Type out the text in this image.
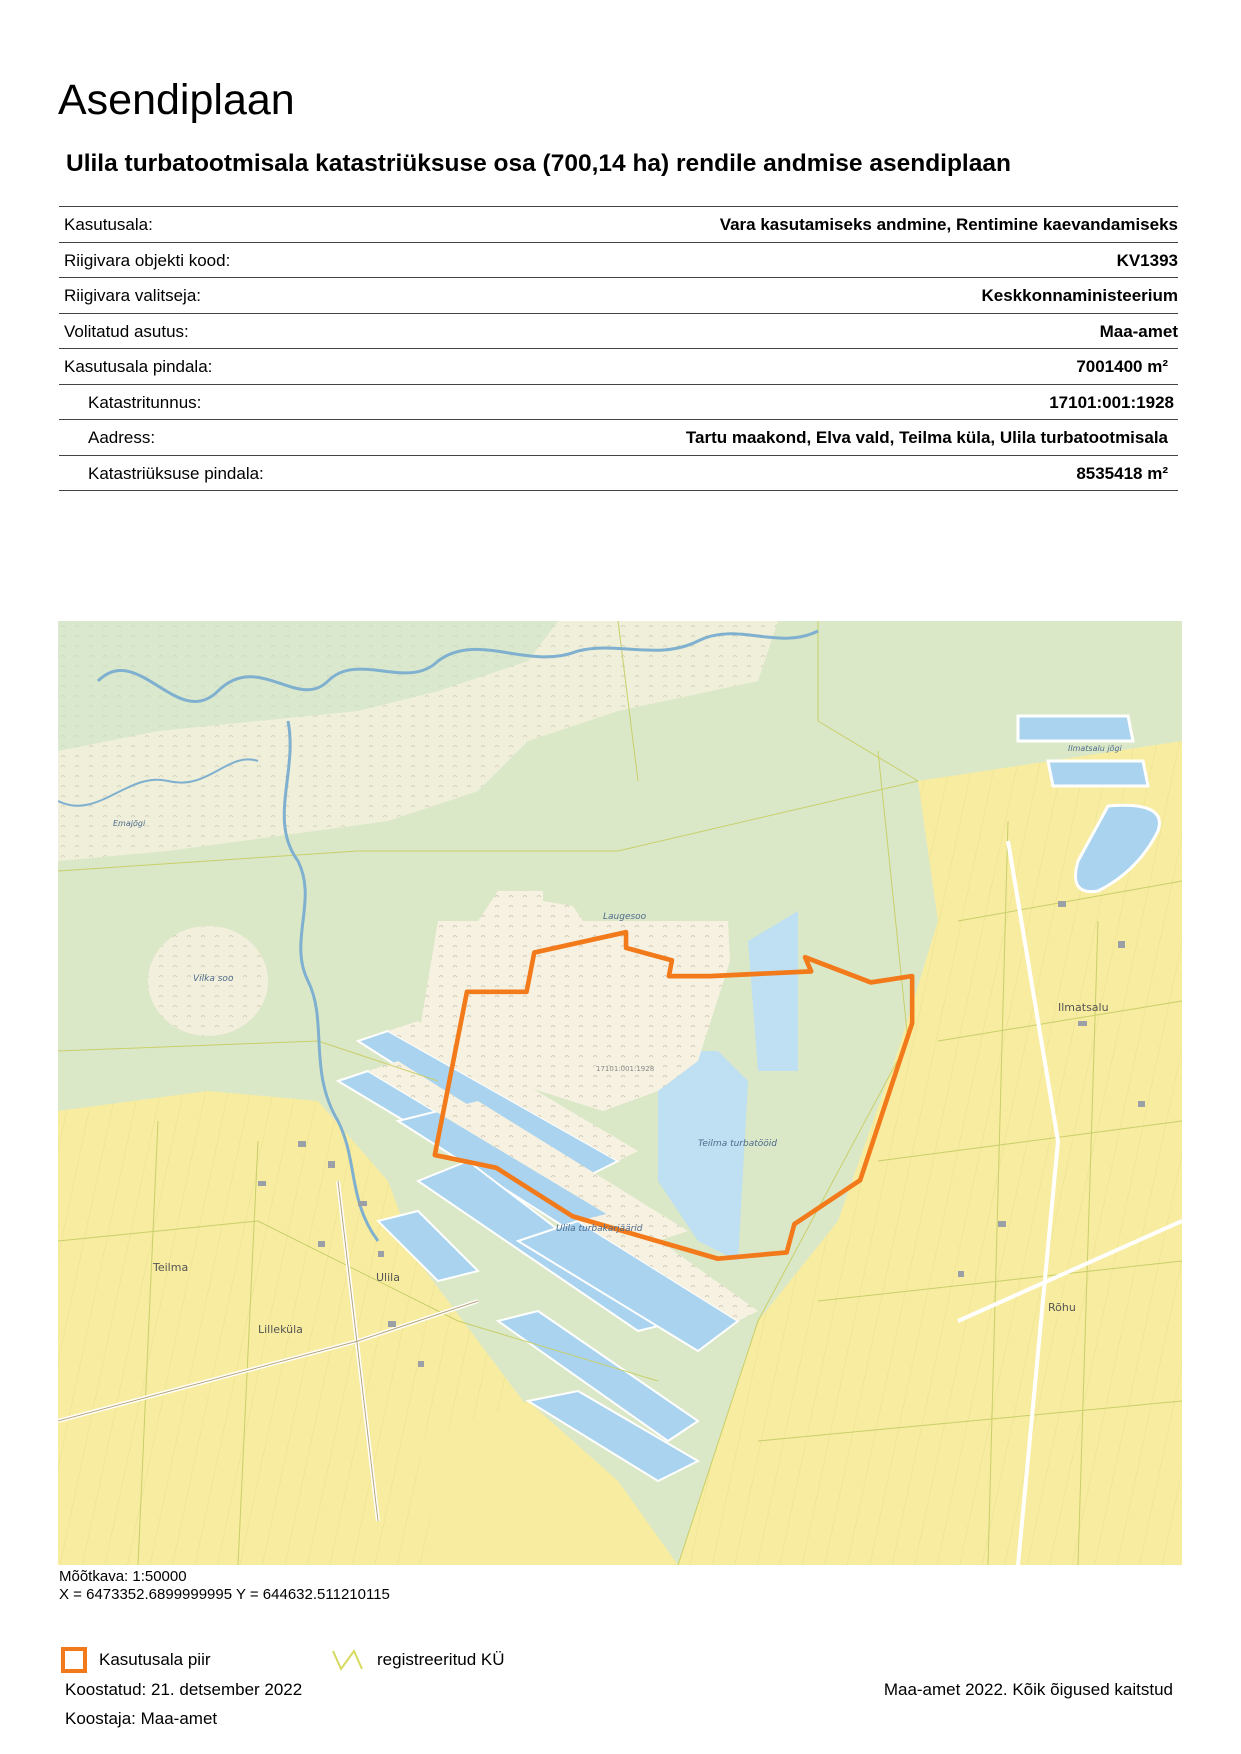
Asendiplaan
Ulila turbatootmisala katastriüksuse osa (700,14 ha) rendile andmise asendiplaan
Kasutusala:	Vara kasutamiseks andmine, Rentimine kaevandamiseks
Riigivara objekti kood:	KV1393
Riigivara valitseja:	Keskkonnaministeerium
Volitatud asutus:	Maa-amet
Kasutusala pindala:	7001400 m²
Katastritunnus:	17101:001:1928
Aadress:	Tartu maakond, Elva vald, Teilma küla, Ulila turbatootmisala
Katastriüksuse pindala:	8535418 m²
Laugesoo
Vilka soo
Teilma turbatööid
Ulila turbakarjäärid
Emajõgi
Ilmatsalu jõgi
Ilmatsalu
Teilma
Lilleküla
Rõhu
Ulila
17101:001:1928
Mõõtkava: 1:50000
X = 6473352.6899999995 Y = 644632.511210115
Kasutusala piir	registreeritud KÜ
Koostatud: 21. detsember 2022
Koostaja: Maa-amet
Maa-amet 2022. Kõik õigused kaitstud
